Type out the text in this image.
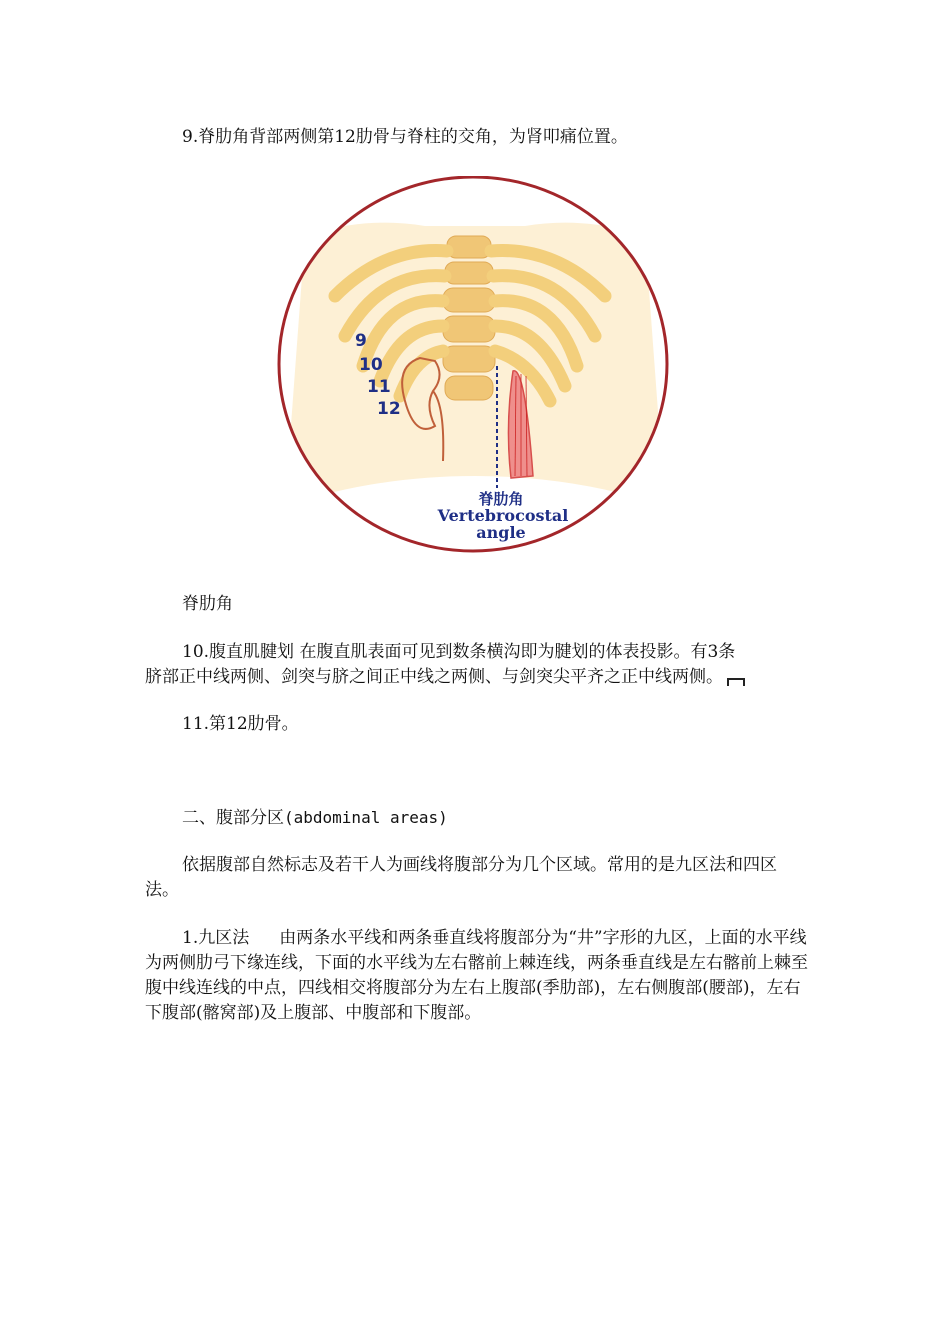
9.脊肋角背部两侧第12肋骨与脊柱的交角，为肾叩痛位置。

9
10
11
12
脊肋角
Vertebrocostal
angle

脊肋角

10.腹直肌腱划 在腹直肌表面可见到数条横沟即为腱划的体表投影。有3条

脐部正中线两侧、剑突与脐之间正中线之两侧、与剑突尖平齐之正中线两侧。

11.第12肋骨。

二、腹部分区(abdominal areas)

依据腹部自然标志及若干人为画线将腹部分为几个区域。常用的是九区法和四区法。

1.九区法 由两条水平线和两条垂直线将腹部分为“井”字形的九区，上面的水平线为两侧肋弓下缘连线，下面的水平线为左右髂前上棘连线，两条垂直线是左右髂前上棘至腹中线连线的中点，四线相交将腹部分为左右上腹部(季肋部)，左右侧腹部(腰部)，左右下腹部(髂窝部)及上腹部、中腹部和下腹部。
